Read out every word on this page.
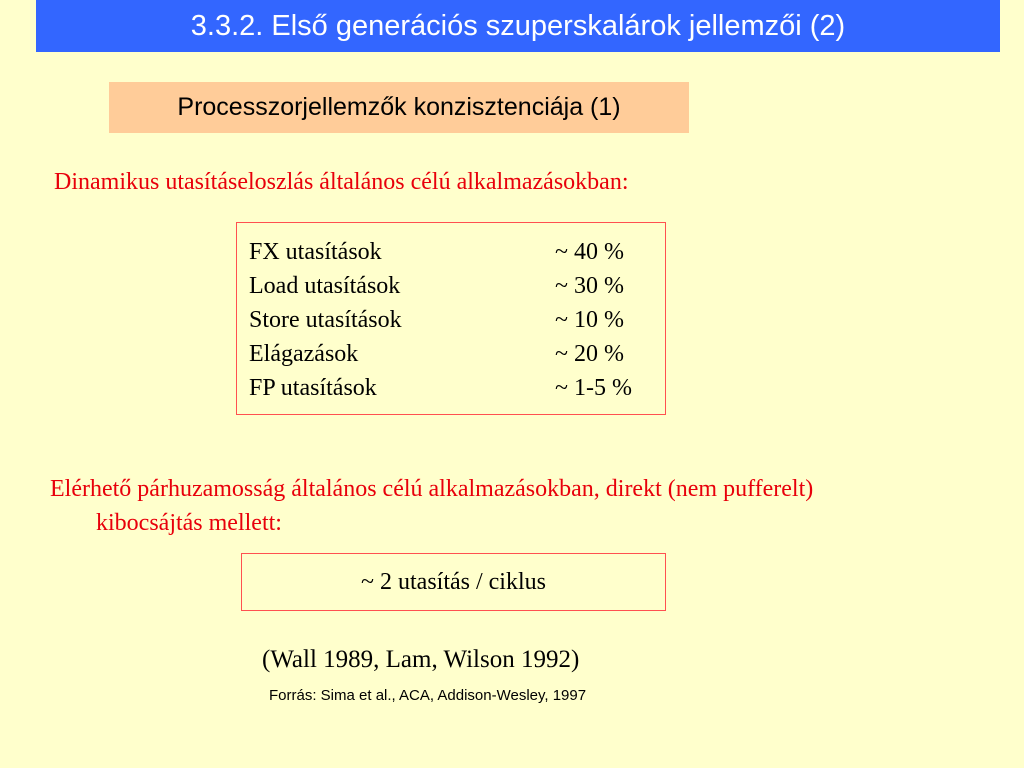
3.3.2. Első generációs szuperskalárok jellemzői (2)
Processzorjellemzők konzisztenciája (1)
Dinamikus utasításeloszlás általános célú alkalmazásokban:
FX utasítások	~ 40 %
Load utasítások	~ 30 %
Store utasítások	~ 10 %
Elágazások	~ 20 %
FP utasítások	~ 1-5 %
Elérhető párhuzamosság általános célú alkalmazásokban, direkt (nem pufferelt)
kibocsájtás mellett:
~ 2 utasítás / ciklus
(Wall 1989, Lam, Wilson 1992)
Forrás: Sima et al., ACA, Addison-Wesley, 1997
